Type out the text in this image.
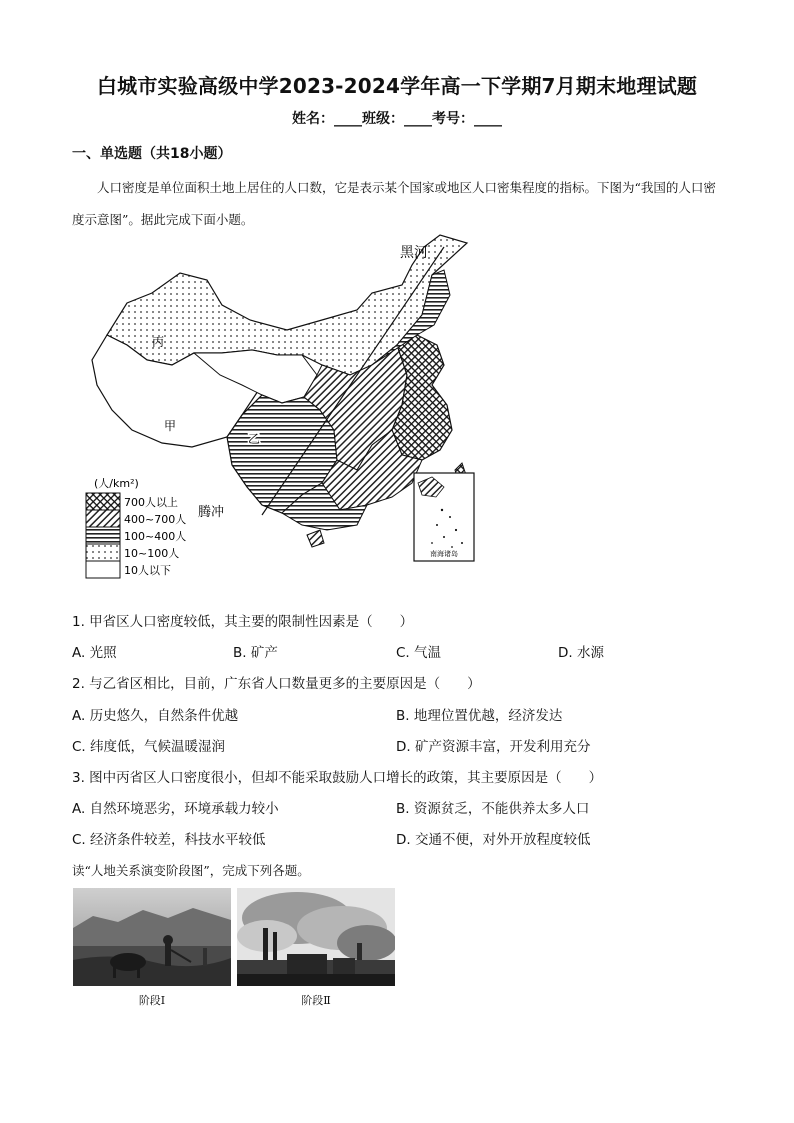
白城市实验高级中学2023-2024学年高一下学期7月期末地理试题
姓名：____班级：____考号：____
一、单选题（共18小题）
人口密度是单位面积土地上居住的人口数，它是表示某个国家或地区人口密集程度的指标。下图为“我国的人口密度示意图”。据此完成下面小题。
南海诸岛
黑河
丙
甲
乙
腾冲
(人/km²)
700人以上
400~700人
100~400人
10~100人
10人以下
1. 甲省区人口密度较低，其主要的限制性因素是（　　）
A. 光照	B. 矿产	C. 气温	D. 水源
2. 与乙省区相比，目前，广东省人口数量更多的主要原因是（　　）
A. 历史悠久，自然条件优越	B. 地理位置优越，经济发达
C. 纬度低，气候温暖湿润	D. 矿产资源丰富，开发利用充分
3. 图中丙省区人口密度很小，但却不能采取鼓励人口增长的政策，其主要原因是（　　）
A. 自然环境恶劣，环境承载力较小	B. 资源贫乏，不能供养太多人口
C. 经济条件较差，科技水平较低	D. 交通不便，对外开放程度较低
读“人地关系演变阶段图”，完成下列各题。
阶段Ⅰ	阶段Ⅱ
